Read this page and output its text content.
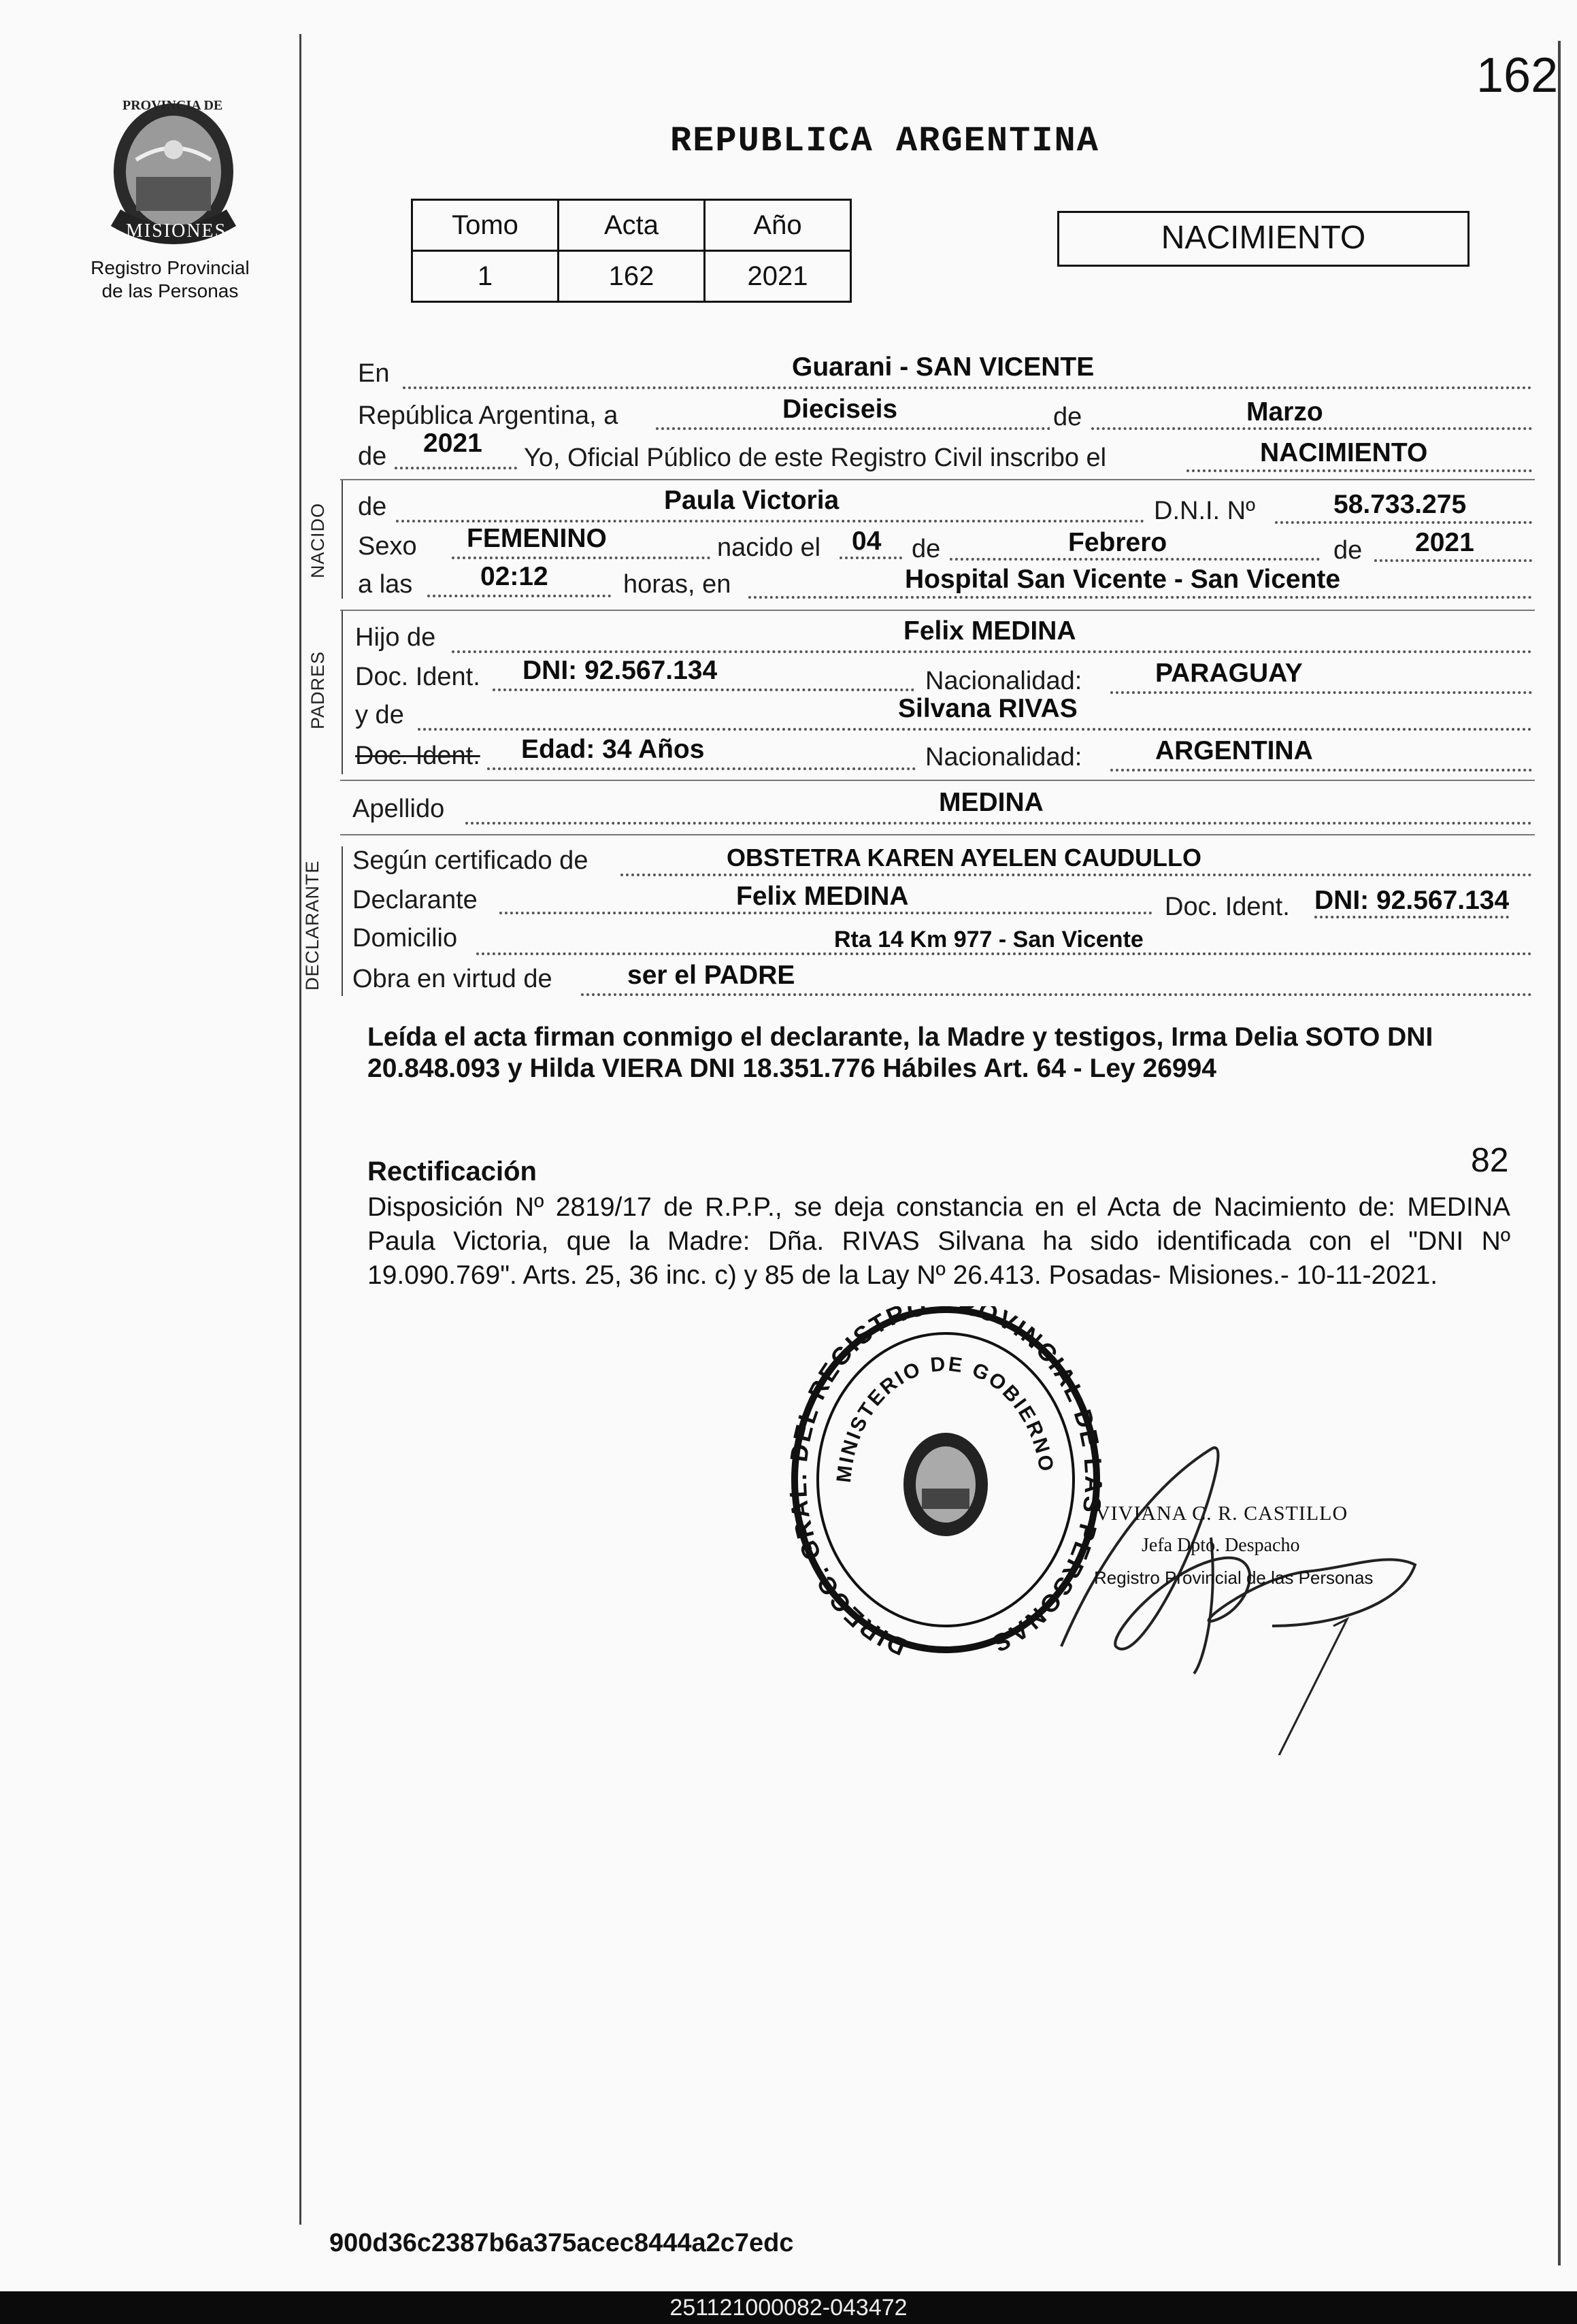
162
PROVINCIA DE
MISIONES
Registro Provincial
de las Personas
REPUBLICA ARGENTINA
Tomo	Acta	Año
1	162	2021
NACIMIENTO
En	Guarani - SAN VICENTE
República Argentina, a	Dieciseis	de	Marzo
de 2021 Yo, Oficial Público de este Registro Civil inscribo el	NACIMIENTO
NACIDO de	Paula Victoria	D.N.I. Nº	58.733.275
Sexo FEMENINO	nacido el 04 de	Febrero	de 2021
a las	02:12	horas, en	Hospital San Vicente - San Vicente
PADRES
Hijo de	Felix MEDINA
Doc. Ident. DNI: 92.567.134	Nacionalidad:	PARAGUAY
y de	Silvana RIVAS
Doc. Ident. Edad: 34 Años	Nacionalidad:	ARGENTINA
Apellido	MEDINA
DECLARANTE Según certificado de	OBSTETRA KAREN AYELEN CAUDULLO
Declarante	Felix MEDINA	Doc. Ident. DNI: 92.567.134
Domicilio	Rta 14 Km 977 - San Vicente
Obra en virtud de	ser el PADRE
Leída el acta firman conmigo el declarante, la Madre y testigos, Irma Delia SOTO DNI 20.848.093 y Hilda VIERA DNI 18.351.776 Hábiles Art. 64 - Ley 26994
Rectificación	82
Disposición Nº 2819/17 de R.P.P., se deja constancia en el Acta de Nacimiento de: MEDINA Paula Victoria, que la Madre: Dña. RIVAS Silvana ha sido identificada con el "DNI Nº 19.090.769". Arts. 25, 36 inc. c) y 85 de la Lay Nº 26.413. Posadas- Misiones.- 10-11-2021.
DIRECC. GR EL REGISTRO ROVINCIAL DE PERSONAS
MINISTERIO DE GOBIERNO
VIVIANA C. R. CASTILLO
Jefa Dpto. Despacho
Registro Provincial de las Personas
900d36c2387b6a375acec8444a2c7edc
251121000082-043472
